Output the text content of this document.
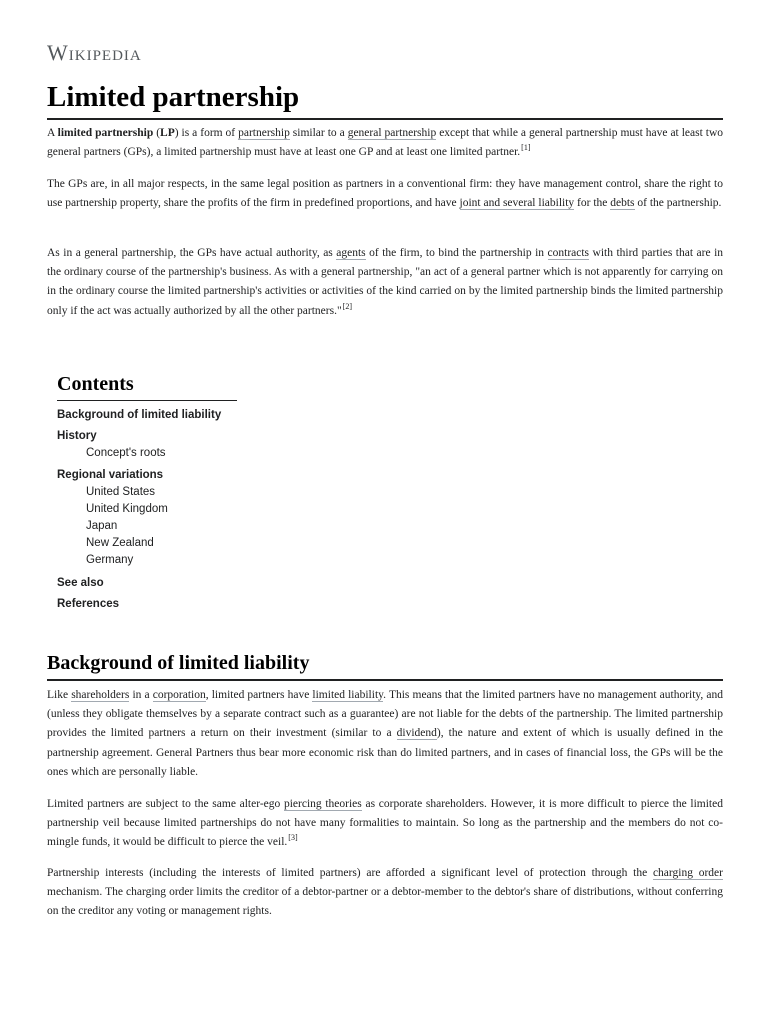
Wikipedia
Limited partnership

A limited partnership (LP) is a form of partnership similar to a general partnership except that while a general partnership must have at least two general partners (GPs), a limited partnership must have at least one GP and at least one limited partner.[1]

The GPs are, in all major respects, in the same legal position as partners in a conventional firm: they have management control, share the right to use partnership property, share the profits of the firm in predefined proportions, and have joint and several liability for the debts of the partnership.

As in a general partnership, the GPs have actual authority, as agents of the firm, to bind the partnership in contracts with third parties that are in the ordinary course of the partnership's business. As with a general partnership, "an act of a general partner which is not apparently for carrying on in the ordinary course the limited partnership's activities or activities of the kind carried on by the limited partnership binds the limited partnership only if the act was actually authorized by all the other partners."[2]

Contents
Background of limited liability
History
Concept's roots
Regional variations
United States
United Kingdom
Japan
New Zealand
Germany
See also
References
Background of limited liability

Like shareholders in a corporation, limited partners have limited liability. This means that the limited partners have no management authority, and (unless they obligate themselves by a separate contract such as a guarantee) are not liable for the debts of the partnership. The limited partnership provides the limited partners a return on their investment (similar to a dividend), the nature and extent of which is usually defined in the partnership agreement. General Partners thus bear more economic risk than do limited partners, and in cases of financial loss, the GPs will be the ones which are personally liable.

Limited partners are subject to the same alter-ego piercing theories as corporate shareholders. However, it is more difficult to pierce the limited partnership veil because limited partnerships do not have many formalities to maintain. So long as the partnership and the members do not co-mingle funds, it would be difficult to pierce the veil.[3]

Partnership interests (including the interests of limited partners) are afforded a significant level of protection through the charging order mechanism. The charging order limits the creditor of a debtor-partner or a debtor-member to the debtor's share of distributions, without conferring on the creditor any voting or management rights.
